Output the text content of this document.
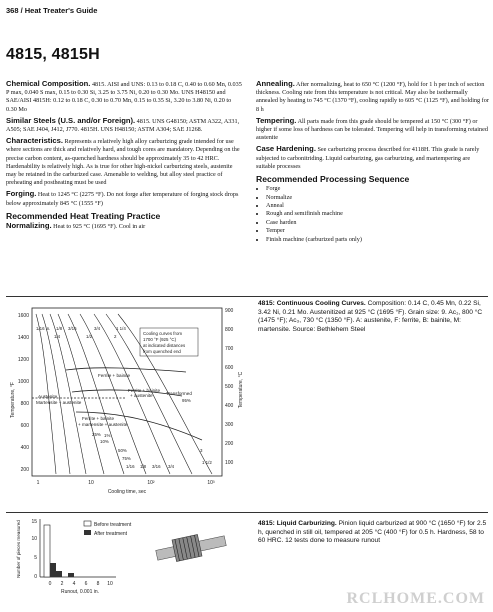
368 / Heat Treater's Guide
4815, 4815H

Chemical Composition. 4815. AISI and UNS: 0.13 to 0.18 C, 0.40 to 0.60 Mn, 0.035 P max, 0.040 S max, 0.15 to 0.30 Si, 3.25 to 3.75 Ni, 0.20 to 0.30 Mo. UNS H48150 and SAE/AISI 4815H: 0.12 to 0.18 C, 0.30 to 0.70 Mn, 0.15 to 0.35 Si, 3.20 to 3.80 Ni, 0.20 to 0.30 Mo

Similar Steels (U.S. and/or Foreign). 4815. UNS G48150; ASTM A322, A331, A505; SAE J404, J412, J770. 4815H. UNS H48150; ASTM A304; SAE J1268.

Characteristics. Represents a relatively high alloy carburizing grade intended for use where sections are thick and relatively hard, and tough cores are mandatory. Depending on the precise carbon content, as-quenched hardness should be approximately 35 to 42 HRC. Hardenability is relatively high. As is true for other high-nickel carburizing steels, austenite may be retained in the carburized case. Amenable to welding, but alloy steel practice of preheating and postheating must be used

Forging. Heat to 1245 °C (2275 °F). Do not forge after temperature of forging stock drops below approximately 845 °C (1555 °F)

Recommended Heat Treating Practice

Normalizing. Heat to 925 °C (1695 °F). Cool in air

Annealing. After normalizing, heat to 650 °C (1200 °F), hold for 1 h per inch of section thickness. Cooling rate from this temperature is not critical. May also be isothermally annealed by heating to 745 °C (1370 °F), cooling rapidly to 605 °C (1125 °F), and holding for 8 h

Tempering. All parts made from this grade should be tempered at 150 °C (300 °F) or higher if some loss of hardness can be tolerated. Tempering will help in transforming retained austenite

Case Hardening. See carburizing process described for 4118H. This grade is rarely subjected to carbonitriding. Liquid carburizing, gas carburizing, and martempering are suitable processes

Recommended Processing Sequence
• Forge
• Normalize
• Anneal
• Rough and semifinish machine
• Case harden
• Temper
• Finish machine (carburized parts only)
1600
1400
1200
1000
800
600
400
200
900
800
700
600
500
400
300
200
100
Temperature, °F	Temperature, °C
1	10	10²	10³
Cooling time, sec
Cooling curves from
1700 °F (925 °C)
at indicated distances
from quenched end
Ferrite + bainite
Ferrite + bainite
+ austenite	Transformed
Austenite
Martensite + austenite
Ferrite + bainite
+ martensite + austenite
1/16 in. 1/8 3/16
1/4	1/2
3/4	1 1/4
1 1/2
2
3
1/16 1/8 3/16 3/4
1%
10%
25%
50%
75%
95%
4815: Continuous Cooling Curves. Composition: 0.14 C, 0.45 Mn, 0.22 Si, 3.42 Ni, 0.21 Mo. Austenitized at 925 °C (1695 °F). Grain size: 9. Ac₁, 800 °C (1475 °F); Ac₃, 730 °C (1350 °F). A: austenite, F: ferrite, B: bainite, M: martensite. Source: Bethlehem Steel
15
10
5
0
Number of pieces measured
0 2 4 6 8 10
Runout, 0.001 in.
Before treatment
After treatment
4815: Liquid Carburizing. Pinion liquid carburized at 900 °C (1650 °F) for 2.5 h, quenched in still oil, tempered at 205 °C (400 °F) for 0.5 h. Hardness, 58 to 60 HRC. 12 tests done to measure runout
RCLHOME.COM
